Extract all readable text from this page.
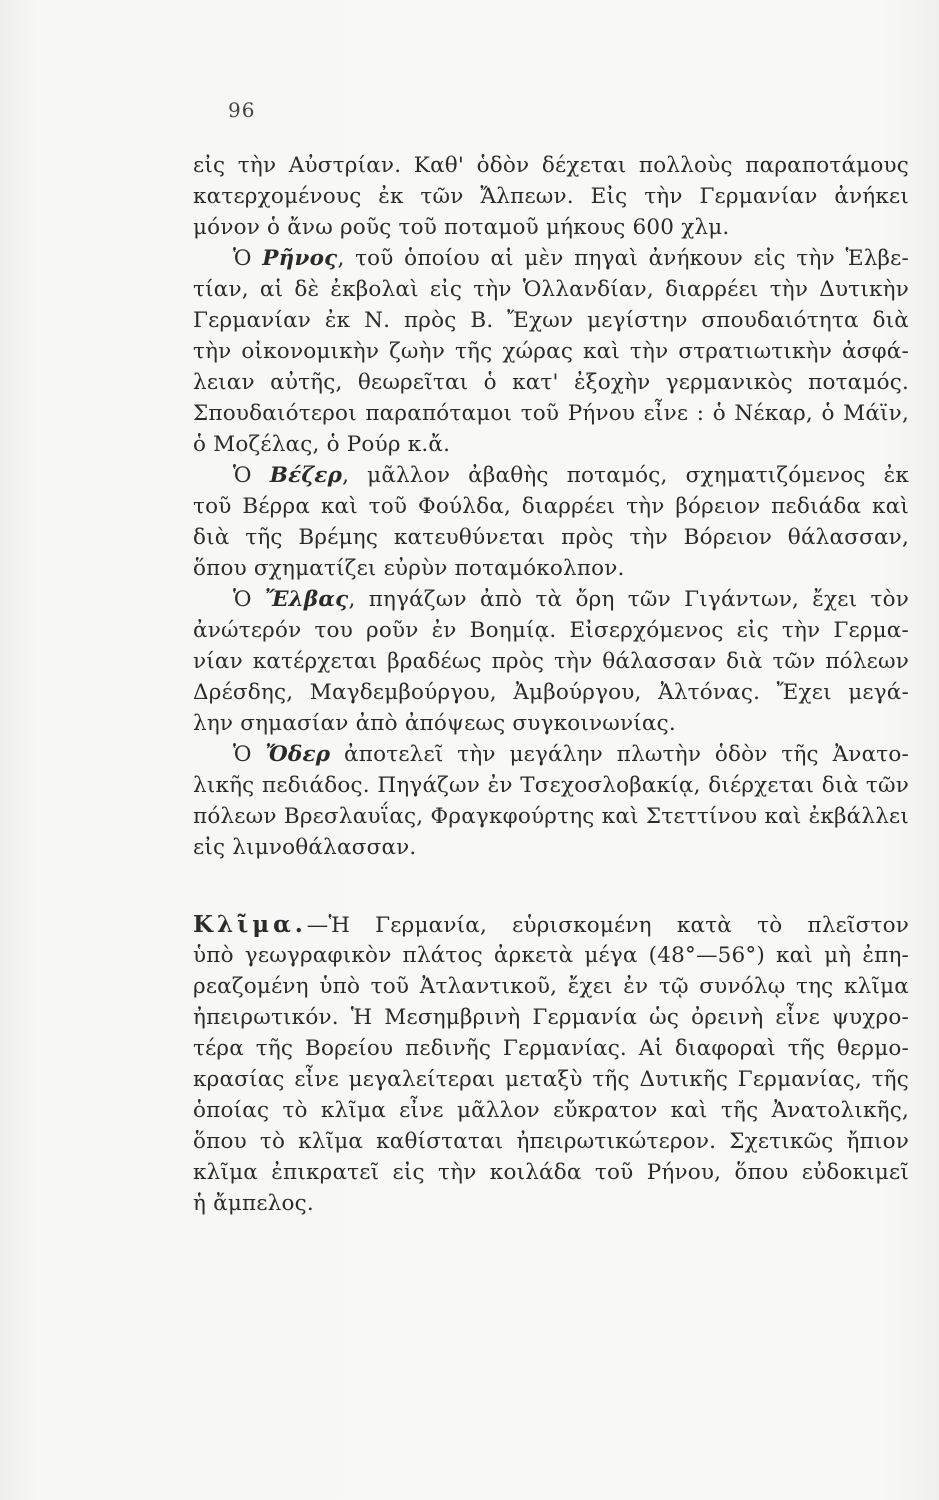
96
εἰς τὴν Αὐστρίαν. Καθ' ὁδὸν δέχεται πολλοὺς παραποτάμους
κατερχομένους ἐκ τῶν Ἄλπεων. Εἰς τὴν Γερμανίαν ἀνήκει
μόνον ὁ ἄνω ροῦς τοῦ ποταμοῦ μήκους 600 χλμ.
Ὁ Ρῆνος, τοῦ ὁποίου αἱ μὲν πηγαὶ ἀνήκουν εἰς τὴν Ἑλβε-
τίαν, αἱ δὲ ἐκβολαὶ εἰς τὴν Ὁλλανδίαν, διαρρέει τὴν Δυτικὴν
Γερμανίαν ἐκ Ν. πρὸς Β. Ἔχων μεγίστην σπουδαιότητα διὰ
τὴν οἰκονομικὴν ζωὴν τῆς χώρας καὶ τὴν στρατιωτικὴν ἀσφά-
λειαν αὐτῆς, θεωρεῖται ὁ κατ' ἐξοχὴν γερμανικὸς ποταμός.
Σπουδαιότεροι παραπόταμοι τοῦ Ρήνου εἶνε : ὁ Νέκαρ, ὁ Μάϊν,
ὁ Μοζέλας, ὁ Ρούρ κ.ἄ.
Ὁ Βέζερ, μᾶλλον ἀβαθὴς ποταμός, σχηματιζόμενος ἐκ
τοῦ Βέρρα καὶ τοῦ Φούλδα, διαρρέει τὴν βόρειον πεδιάδα καὶ
διὰ τῆς Βρέμης κατευθύνεται πρὸς τὴν Βόρειον θάλασσαν,
ὅπου σχηματίζει εὐρὺν ποταμόκολπον.
Ὁ Ἔλβας, πηγάζων ἀπὸ τὰ ὄρη τῶν Γιγάντων, ἔχει τὸν
ἀνώτερόν του ροῦν ἐν Βοημίᾳ. Εἰσερχόμενος εἰς τὴν Γερμα-
νίαν κατέρχεται βραδέως πρὸς τὴν θάλασσαν διὰ τῶν πόλεων
Δρέσδης, Μαγδεμβούργου, Ἀμβούργου, Ἀλτόνας. Ἔχει μεγά-
λην σημασίαν ἀπὸ ἀπόψεως συγκοινωνίας.
Ὁ Ὄδερ ἀποτελεῖ τὴν μεγάλην πλωτὴν ὁδὸν τῆς Ἀνατο-
λικῆς πεδιάδος. Πηγάζων ἐν Τσεχοσλοβακίᾳ, διέρχεται διὰ τῶν
πόλεων Βρεσλαυΐας, Φραγκφούρτης καὶ Στεττίνου καὶ ἐκβάλλει
εἰς λιμνοθάλασσαν.
Κλῖμα.—Ἡ Γερμανία, εὑρισκομένη κατὰ τὸ πλεῖστον
ὑπὸ γεωγραφικὸν πλάτος ἀρκετὰ μέγα (48°—56°) καὶ μὴ ἐπη-
ρεαζομένη ὑπὸ τοῦ Ἀτλαντικοῦ, ἔχει ἐν τῷ συνόλῳ της κλῖμα
ἠπειρωτικόν. Ἡ Μεσημβρινὴ Γερμανία ὡς ὀρεινὴ εἶνε ψυχρο-
τέρα τῆς Βορείου πεδινῆς Γερμανίας. Αἱ διαφοραὶ τῆς θερμο-
κρασίας εἶνε μεγαλείτεραι μεταξὺ τῆς Δυτικῆς Γερμανίας, τῆς
ὁποίας τὸ κλῖμα εἶνε μᾶλλον εὔκρατον καὶ τῆς Ἀνατολικῆς,
ὅπου τὸ κλῖμα καθίσταται ἠπειρωτικώτερον. Σχετικῶς ἤπιον
κλῖμα ἐπικρατεῖ εἰς τὴν κοιλάδα τοῦ Ρήνου, ὅπου εὐδοκιμεῖ
ἡ ἄμπελος.
